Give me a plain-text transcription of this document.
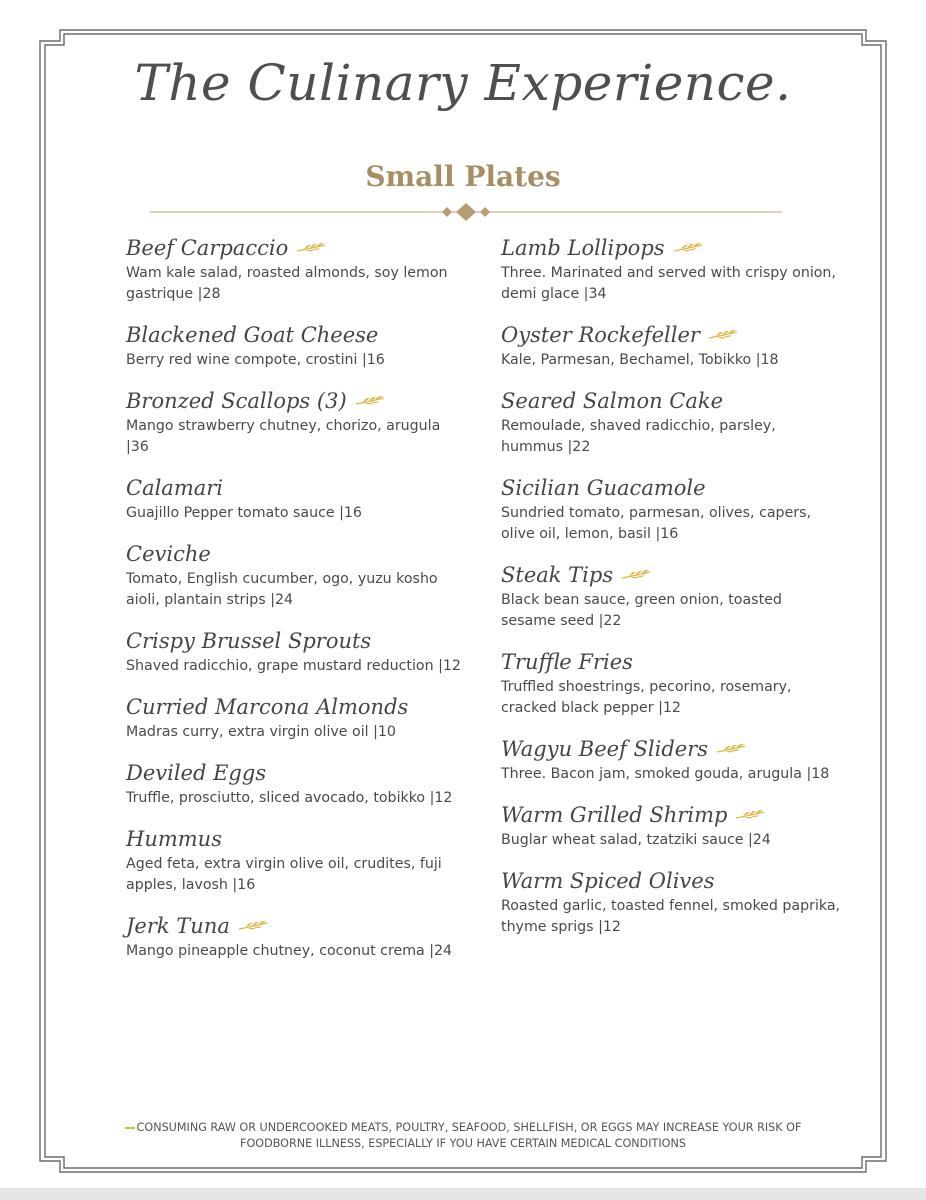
The Culinary Experience.
Small Plates
Beef Carpaccio
Wam kale salad, roasted almonds, soy lemon gastrique |28
Blackened Goat Cheese
Berry red wine compote, crostini |16
Bronzed Scallops (3)
Mango strawberry chutney, chorizo, arugula |36
Calamari
Guajillo Pepper tomato sauce |16
Ceviche
Tomato, English cucumber, ogo, yuzu kosho aioli, plantain strips |24
Crispy Brussel Sprouts
Shaved radicchio, grape mustard reduction |12
Curried Marcona Almonds
Madras curry, extra virgin olive oil |10
Deviled Eggs
Truffle, prosciutto, sliced avocado, tobikko |12
Hummus
Aged feta, extra virgin olive oil, crudites, fuji apples, lavosh |16
Jerk Tuna
Mango pineapple chutney, coconut crema |24
Lamb Lollipops
Three. Marinated and served with crispy onion, demi glace |34
Oyster Rockefeller
Kale, Parmesan, Bechamel, Tobikko |18
Seared Salmon Cake
Remoulade, shaved radicchio, parsley, hummus |22
Sicilian Guacamole
Sundried tomato, parmesan, olives, capers, olive oil, lemon, basil |16
Steak Tips
Black bean sauce, green onion, toasted sesame seed |22
Truffle Fries
Truffled shoestrings, pecorino, rosemary, cracked black pepper |12
Wagyu Beef Sliders
Three. Bacon jam, smoked gouda, arugula |18
Warm Grilled Shrimp
Buglar wheat salad, tzatziki sauce |24
Warm Spiced Olives
Roasted garlic, toasted fennel, smoked paprika, thyme sprigs |12

CONSUMING RAW OR UNDERCOOKED MEATS, POULTRY, SEAFOOD, SHELLFISH, OR EGGS MAY INCREASE YOUR RISK OF
FOODBORNE ILLNESS, ESPECIALLY IF YOU HAVE CERTAIN MEDICAL CONDITIONS
